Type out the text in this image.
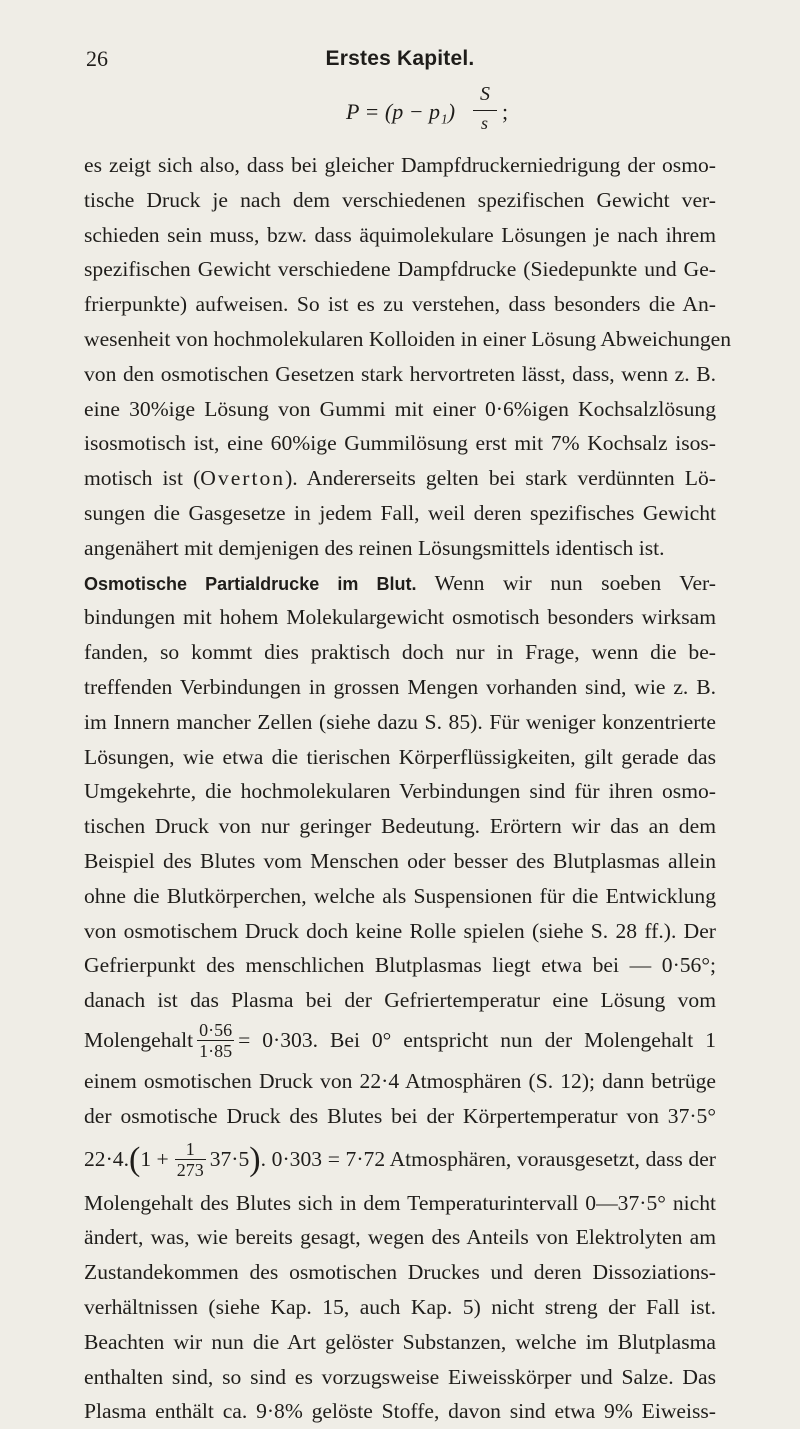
26	Erstes Kapitel.
P = (p − p₁)
S
s ;
es zeigt sich also, dass bei gleicher Dampfdruckerniedrigung der osmo-
tische Druck je nach dem verschiedenen spezifischen Gewicht ver-
schieden sein muss, bzw. dass äquimolekulare Lösungen je nach ihrem
spezifischen Gewicht verschiedene Dampfdrucke (Siedepunkte und Ge-
frierpunkte) aufweisen. So ist es zu verstehen, dass besonders die An-
wesenheit von hochmolekularen Kolloiden in einer Lösung Abweichungen
von den osmotischen Gesetzen stark hervortreten lässt, dass, wenn z. B.
eine 30%ige Lösung von Gummi mit einer 0·6%igen Kochsalzlösung
isosmotisch ist, eine 60%ige Gummilösung erst mit 7% Kochsalz isos-
motisch ist (Overton). Andererseits gelten bei stark verdünnten Lö-
sungen die Gasgesetze in jedem Fall, weil deren spezifisches Gewicht
angenähert mit demjenigen des reinen Lösungsmittels identisch ist.
Osmotische Partialdrucke im Blut. Wenn wir nun soeben Ver-
bindungen mit hohem Molekulargewicht osmotisch besonders wirksam
fanden, so kommt dies praktisch doch nur in Frage, wenn die be-
treffenden Verbindungen in grossen Mengen vorhanden sind, wie z. B.
im Innern mancher Zellen (siehe dazu S. 85). Für weniger konzentrierte
Lösungen, wie etwa die tierischen Körperflüssigkeiten, gilt gerade das
Umgekehrte, die hochmolekularen Verbindungen sind für ihren osmo-
tischen Druck von nur geringer Bedeutung. Erörtern wir das an dem
Beispiel des Blutes vom Menschen oder besser des Blutplasmas allein
ohne die Blutkörperchen, welche als Suspensionen für die Entwicklung
von osmotischem Druck doch keine Rolle spielen (siehe S. 28 ff.). Der
Gefrierpunkt des menschlichen Blutplasmas liegt etwa bei — 0·56°;
danach ist das Plasma bei der Gefriertemperatur eine Lösung vom
Molengehalt $\frac{0\cdot 56}{1\cdot 85} = 0\cdot 303$. Bei 0° entspricht nun der Molengehalt 1
einem osmotischen Druck von 22·4 Atmosphären (S. 12); dann betrüge
der osmotische Druck des Blutes bei der Körpertemperatur von 37·5°
22·4. ( $1 + \frac{1}{273} 37\cdot 5$ ) . 0·303 = 7·72 Atmosphären, vorausgesetzt, dass der
Molengehalt des Blutes sich in dem Temperaturintervall 0—37·5° nicht
ändert, was, wie bereits gesagt, wegen des Anteils von Elektrolyten am
Zustandekommen des osmotischen Druckes und deren Dissoziations-
verhältnissen (siehe Kap. 15, auch Kap. 5) nicht streng der Fall ist.
Beachten wir nun die Art gelöster Substanzen, welche im Blutplasma
enthalten sind, so sind es vorzugsweise Eiweisskörper und Salze. Das
Plasma enthält ca. 9·8% gelöste Stoffe, davon sind etwa 9% Eiweiss-
